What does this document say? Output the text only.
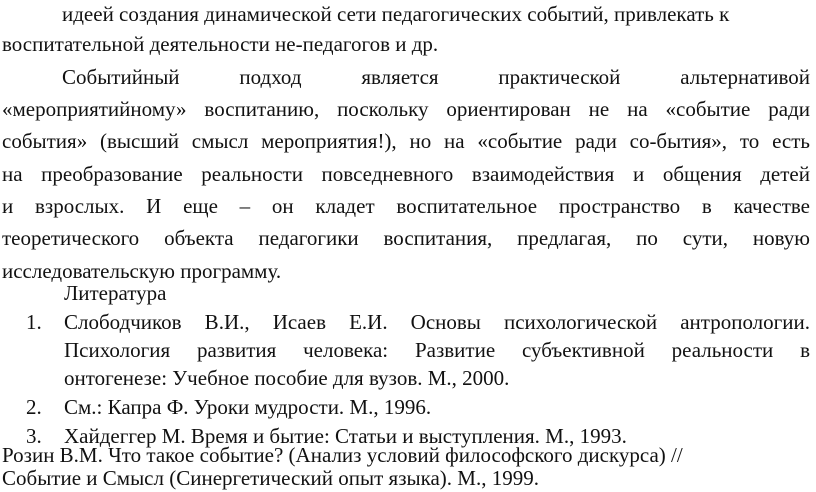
идеей создания динамической сети педагогических событий, привлекать к
воспитательной деятельности не-педагогов и др.
Событийный подход является практической альтернативой
«мероприятийному» воспитанию, поскольку ориентирован не на «событие ради
события» (высший смысл мероприятия!), но на «событие ради со-бытия», то есть
на преобразование реальности повседневного взаимодействия и общения детей
и взрослых. И еще – он кладет воспитательное пространство в качестве
теоретического объекта педагогики воспитания, предлагая, по сути, новую
исследовательскую программу.
Литература
1. Слободчиков В.И., Исаев Е.И. Основы психологической антропологии.
Психология развития человека: Развитие субъективной реальности в
онтогенезе: Учебное пособие для вузов. М., 2000.
2. См.: Капра Ф. Уроки мудрости. М., 1996.
3. Хайдеггер М. Время и бытие: Статьи и выступления. М., 1993.
Розин В.М. Что такое событие? (Анализ условий философского дискурса) //
Событие и Смысл (Синергетический опыт языка). М., 1999.
